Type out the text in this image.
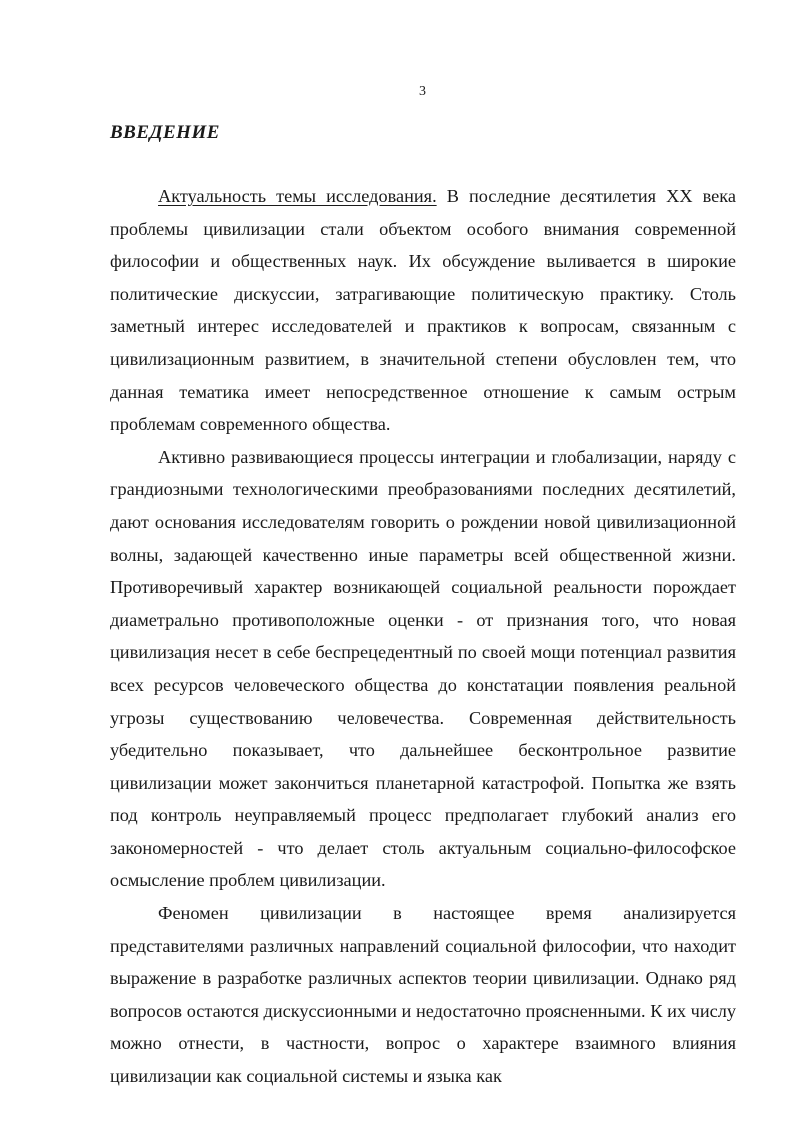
3
ВВЕДЕНИЕ

Актуальность темы исследования. В последние десятилетия XX века проблемы цивилизации стали объектом особого внимания современной философии и общественных наук. Их обсуждение выливается в широкие политические дискуссии, затрагивающие политическую практику. Столь заметный интерес исследователей и практиков к вопросам, связанным с цивилизационным развитием, в значительной степени обусловлен тем, что данная тематика имеет непосредственное отношение к самым острым проблемам современного общества.

Активно развивающиеся процессы интеграции и глобализации, наряду с грандиозными технологическими преобразованиями последних десятилетий, дают основания исследователям говорить о рождении новой цивилизационной волны, задающей качественно иные параметры всей общественной жизни. Противоречивый характер возникающей социальной реальности порождает диаметрально противоположные оценки - от признания того, что новая цивилизация несет в себе беспрецедентный по своей мощи потенциал развития всех ресурсов человеческого общества до констатации появления реальной угрозы существованию человечества. Современная действительность убедительно показывает, что дальнейшее бесконтрольное развитие цивилизации может закончиться планетарной катастрофой. Попытка же взять под контроль неуправляемый процесс предполагает глубокий анализ его закономерностей - что делает столь актуальным социально-философское осмысление проблем цивилизации.

Феномен цивилизации в настоящее время анализируется представителями различных направлений социальной философии, что находит выражение в разработке различных аспектов теории цивилизации. Однако ряд вопросов остаются дискуссионными и недостаточно проясненными. К их числу можно отнести, в частности, вопрос о характере взаимного влияния цивилизации как социальной системы и языка как
